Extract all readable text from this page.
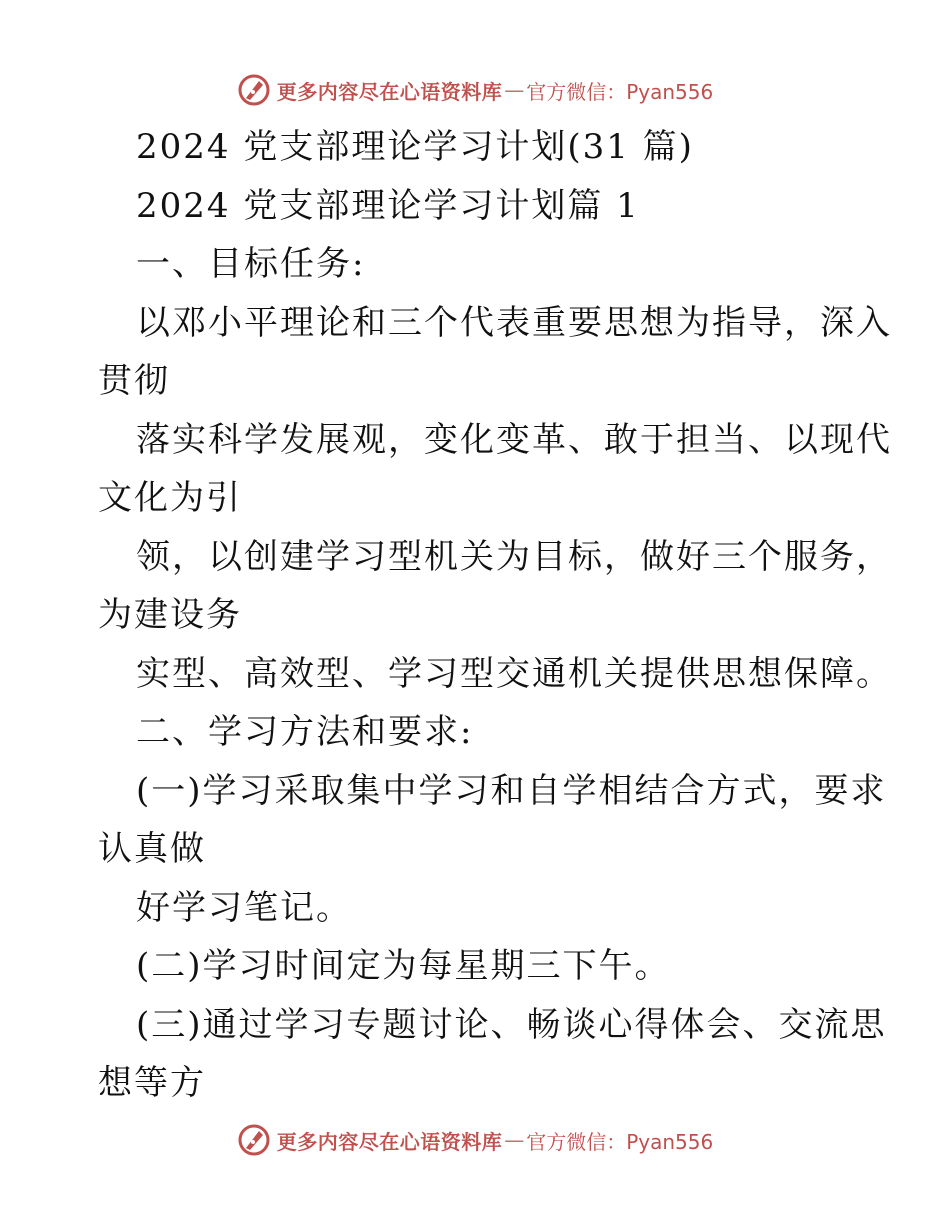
更多内容尽在心语资料库 — 官方微信：Pyan556
2024 党支部理论学习计划(31 篇)
2024 党支部理论学习计划篇 1
一、目标任务:
以邓小平理论和三个代表重要思想为指导，深入
贯彻
落实科学发展观，变化变革、敢于担当、以现代
文化为引
领，以创建学习型机关为目标，做好三个服务，
为建设务
实型、高效型、学习型交通机关提供思想保障。
二、学习方法和要求:
(一)学习采取集中学习和自学相结合方式，要求
认真做
好学习笔记。
(二)学习时间定为每星期三下午。
(三)通过学习专题讨论、畅谈心得体会、交流思
想等方
更多内容尽在心语资料库 — 官方微信：Pyan556
